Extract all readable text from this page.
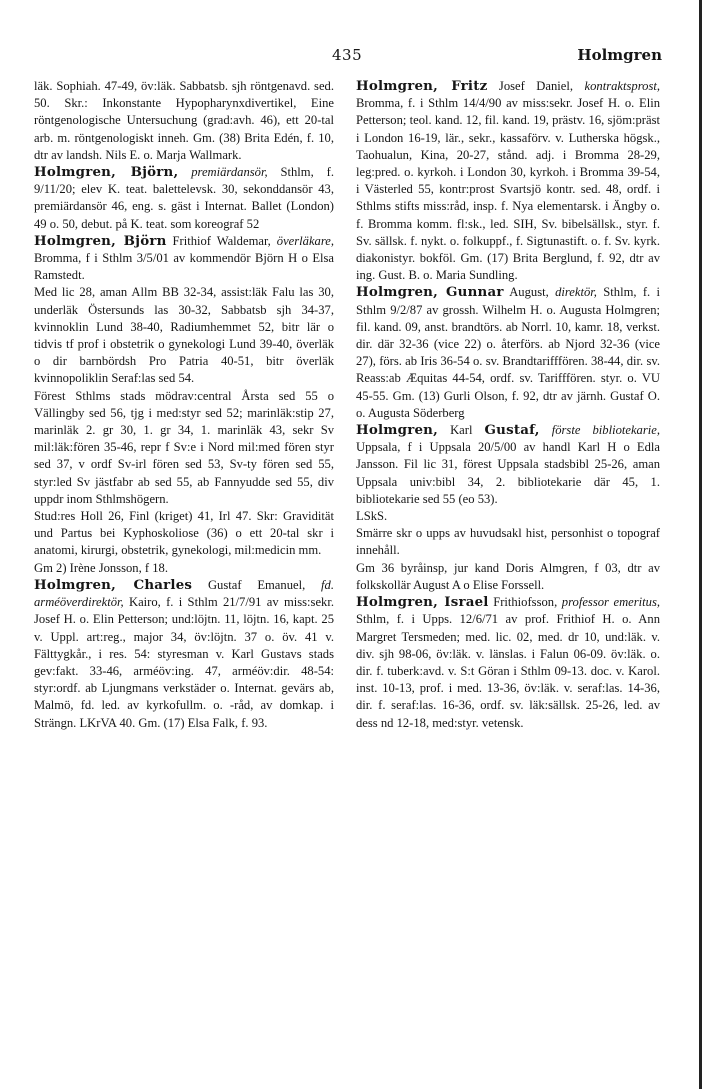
435	Holmgren

läk. Sophiah. 47-49, öv:läk. Sabbatsb. sjh röntgenavd. sed. 50. Skr.: Inkonstante Hypopharynxdivertikel, Eine röntgenologische Untersuchung (grad:avh. 46), ett 20-tal arb. m. röntgenologiskt inneh. Gm. (38) Brita Edén, f. 10, dtr av landsh. Nils E. o. Marja Wallmark.

Holmgren, Björn, premiärdansör, Sthlm, f. 9/11/20; elev K. teat. balettelevsk. 30, sekonddansör 43, premiärdansör 46, eng. s. gäst i Internat. Ballet (London) 49 o. 50, debut. på K. teat. som koreograf 52

Holmgren, Björn Frithiof Waldemar, överläkare, Bromma, f i Sthlm 3/5/01 av kommendör Björn H o Elsa Ramstedt.

Med lic 28, aman Allm BB 32-34, assist:läk Falu las 30, underläk Östersunds las 30-32, Sabbatsb sjh 34-37, kvinnoklin Lund 38-40, Radiumhemmet 52, bitr lär o tidvis tf prof i obstetrik o gynekologi Lund 39-40, överläk o dir barnbördsh Pro Patria 40-51, bitr överläk kvinnopoliklin Seraf:las sed 54.

Förest Sthlms stads mödrav:central Årsta sed 55 o Vällingby sed 56, tjg i med:styr sed 52; marinläk:stip 27, marinläk 2. gr 30, 1. gr 34, 1. marinläk 43, sekr Sv mil:läk:fören 35-46, repr f Sv:e i Nord mil:med fören styr sed 37, v ordf Sv-irl fören sed 53, Sv-ty fören sed 55, styr:led Sv jästfabr ab sed 55, ab Fannyudde sed 55, div uppdr inom Sthlmshögern.

Stud:res Holl 26, Finl (kriget) 41, Irl 47. Skr: Gravidität und Partus bei Kyphoskoliose (36) o ett 20-tal skr i anatomi, kirurgi, obstetrik, gynekologi, mil:medicin mm.

Gm 2) Irène Jonsson, f 18.

Holmgren, Charles Gustaf Emanuel, fd. arméöverdirektör, Kairo, f. i Sthlm 21/7/91 av miss:sekr. Josef H. o. Elin Petterson; und:löjtn. 11, löjtn. 16, kapt. 25 v. Uppl. art:reg., major 34, öv:löjtn. 37 o. öv. 41 v. Fälttygkår., i res. 54: styresman v. Karl Gustavs stads gev:fakt. 33-46, arméöv:ing. 47, arméöv:dir. 48-54: styr:ordf. ab Ljungmans verkstäder o. Internat. gevärs ab, Malmö, fd. led. av kyrkofullm. o. -råd, av domkap. i Strängn. LKrVA 40. Gm. (17) Elsa Falk, f. 93.

Holmgren, Fritz Josef Daniel, kontraktsprost, Bromma, f. i Sthlm 14/4/90 av miss:sekr. Josef H. o. Elin Petterson; teol. kand. 12, fil. kand. 19, prästv. 16, sjöm:präst i London 16-19, lär., sekr., kassaförv. v. Lutherska högsk., Taohualun, Kina, 20-27, stånd. adj. i Bromma 28-29, leg:pred. o. kyrkoh. i London 30, kyrkoh. i Bromma 39-54, i Västerled 55, kontr:prost Svartsjö kontr. sed. 48, ordf. i Sthlms stifts miss:råd, insp. f. Nya elementarsk. i Ängby o. f. Bromma komm. fl:sk., led. SIH, Sv. bibelsällsk., styr. f. Sv. sällsk. f. nykt. o. folkuppf., f. Sigtunastift. o. f. Sv. kyrk. diakonistyr. bokföl. Gm. (17) Brita Berglund, f. 92, dtr av ing. Gust. B. o. Maria Sundling.

Holmgren, Gunnar August, direktör, Sthlm, f. i Sthlm 9/2/87 av grossh. Wilhelm H. o. Augusta Holmgren; fil. kand. 09, anst. brandtörs. ab Norrl. 10, kamr. 18, verkst. dir. där 32-36 (vice 22) o. återförs. ab Njord 32-36 (vice 27), förs. ab Iris 36-54 o. sv. Brandtarifffören. 38-44, dir. sv. Reass:ab Æquitas 44-54, ordf. sv. Tarifffören. styr. o. VU 45-55. Gm. (13) Gurli Olson, f. 92, dtr av järnh. Gustaf O. o. Augusta Söderberg

Holmgren, Karl Gustaf, förste bibliotekarie, Uppsala, f i Uppsala 20/5/00 av handl Karl H o Edla Jansson. Fil lic 31, förest Uppsala stadsbibl 25-26, aman Uppsala univ:bibl 34, 2. bibliotekarie där 45, 1. bibliotekarie sed 55 (eo 53).

LSkS.

Smärre skr o upps av huvudsakl hist, personhist o topograf innehåll.

Gm 36 byråinsp, jur kand Doris Almgren, f 03, dtr av folkskollär August A o Elise Forssell.

Holmgren, Israel Frithiofsson, professor emeritus, Sthlm, f. i Upps. 12/6/71 av prof. Frithiof H. o. Ann Margret Tersmeden; med. lic. 02, med. dr 10, und:läk. v. div. sjh 98-06, öv:läk. v. länslas. i Falun 06-09. öv:läk. o. dir. f. tuberk:avd. v. S:t Göran i Sthlm 09-13. doc. v. Karol. inst. 10-13, prof. i med. 13-36, öv:läk. v. seraf:las. 14-36, dir. f. seraf:las. 16-36, ordf. sv. läk:sällsk. 25-26, led. av dess nd 12-18, med:styr. vetensk.
